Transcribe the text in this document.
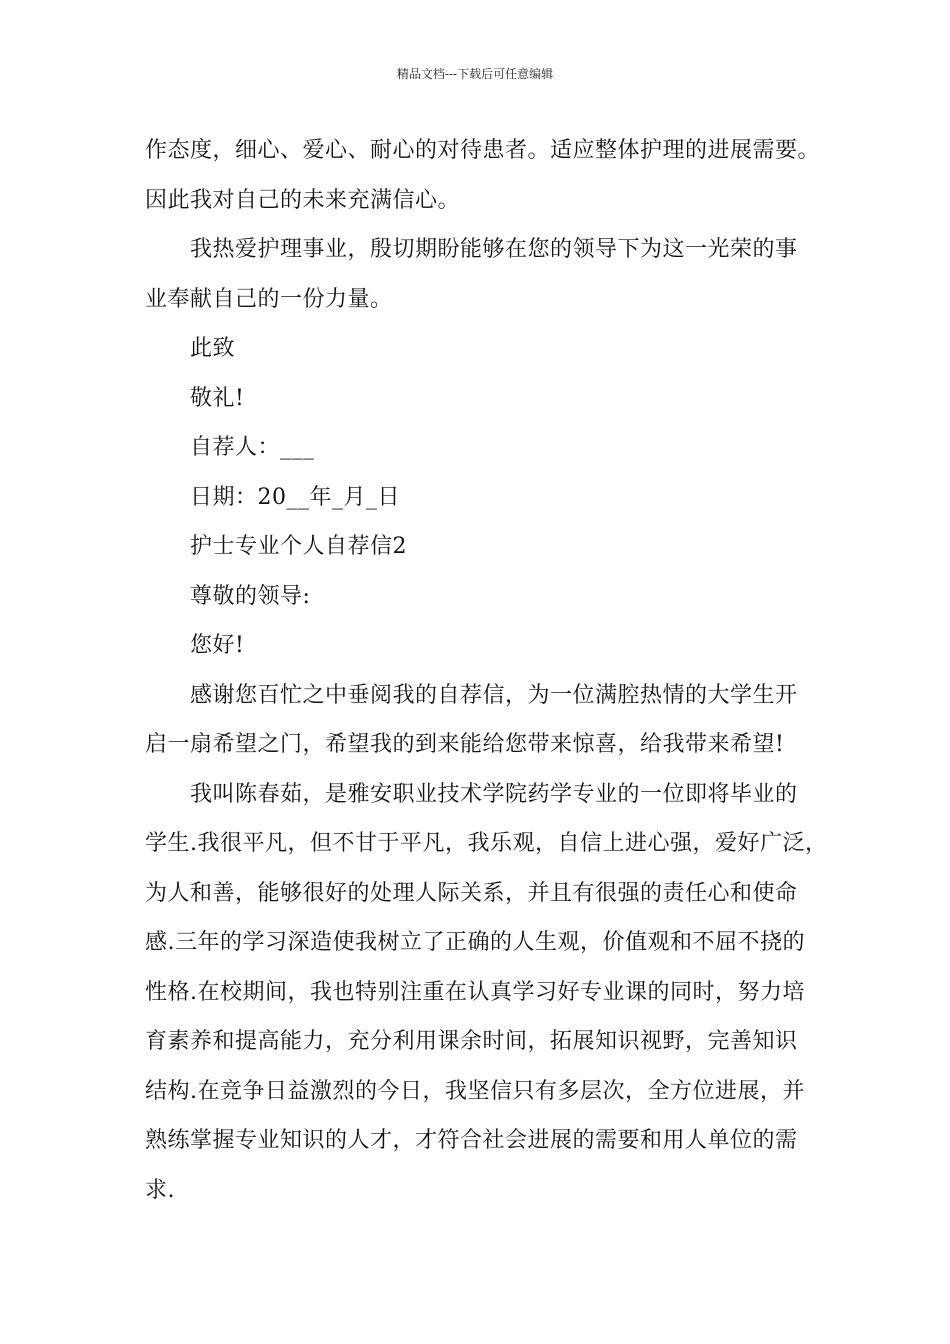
精品文档---下载后可任意编辑
作态度，细心、爱心、耐心的对待患者。适应整体护理的进展需要。
因此我对自己的未来充满信心。
我热爱护理事业，殷切期盼能够在您的领导下为这一光荣的事
业奉献自己的一份力量。
此致
敬礼!
自荐人：___
日期：20__年_月_日
护士专业个人自荐信2
尊敬的领导:
您好!
感谢您百忙之中垂阅我的自荐信，为一位满腔热情的大学生开
启一扇希望之门，希望我的到来能给您带来惊喜，给我带来希望!
我叫陈春茹，是雅安职业技术学院药学专业的一位即将毕业的
学生.我很平凡，但不甘于平凡，我乐观，自信上进心强，爱好广泛，
为人和善，能够很好的处理人际关系，并且有很强的责任心和使命
感.三年的学习深造使我树立了正确的人生观，价值观和不屈不挠的
性格.在校期间，我也特别注重在认真学习好专业课的同时，努力培
育素养和提高能力，充分利用课余时间，拓展知识视野，完善知识
结构.在竞争日益激烈的今日，我坚信只有多层次，全方位进展，并
熟练掌握专业知识的人才，才符合社会进展的需要和用人单位的需
求.
